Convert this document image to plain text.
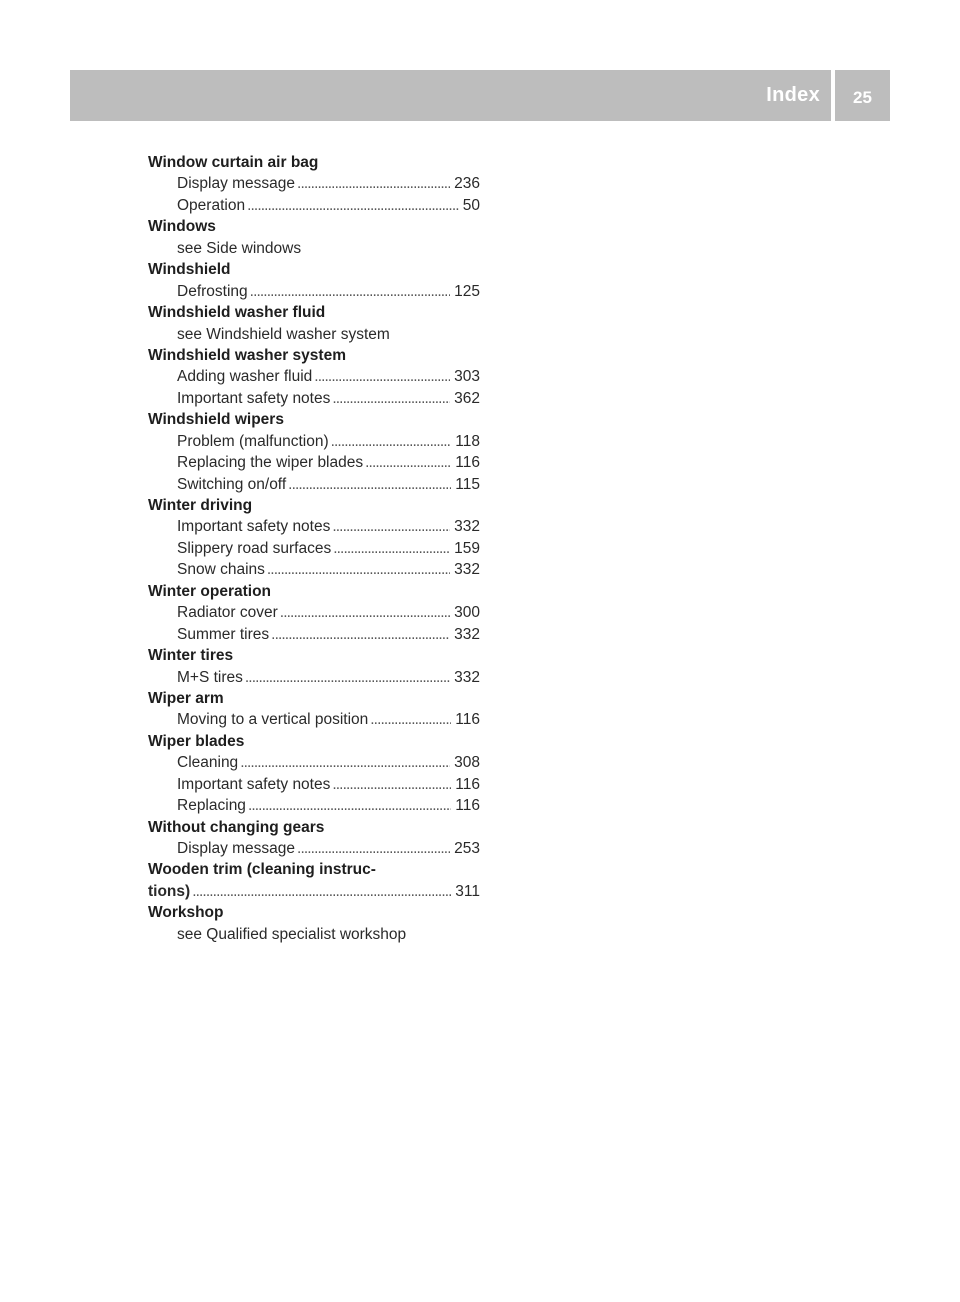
Index	25
Window curtain air bag
Display message . . .	236
Operation . . .	50
Windows
see Side windows
Windshield
Defrosting . . .	125
Windshield washer fluid
see Windshield washer system
Windshield washer system
Adding washer fluid . . .	303
Important safety notes . . .	362
Windshield wipers
Problem (malfunction) . . .	118
Replacing the wiper blades . . .	116
Switching on/off . . .	115
Winter driving
Important safety notes . . .	332
Slippery road surfaces . . .	159
Snow chains . . .	332
Winter operation
Radiator cover . . .	300
Summer tires . . .	332
Winter tires
M+S tires . . .	332
Wiper arm
Moving to a vertical position . . .	116
Wiper blades
Cleaning . . .	308
Important safety notes . . .	116
Replacing . . .	116
Without changing gears
Display message . . .	253
Wooden trim (cleaning instruc-
tions) . . .	311
Workshop
see Qualified specialist workshop
